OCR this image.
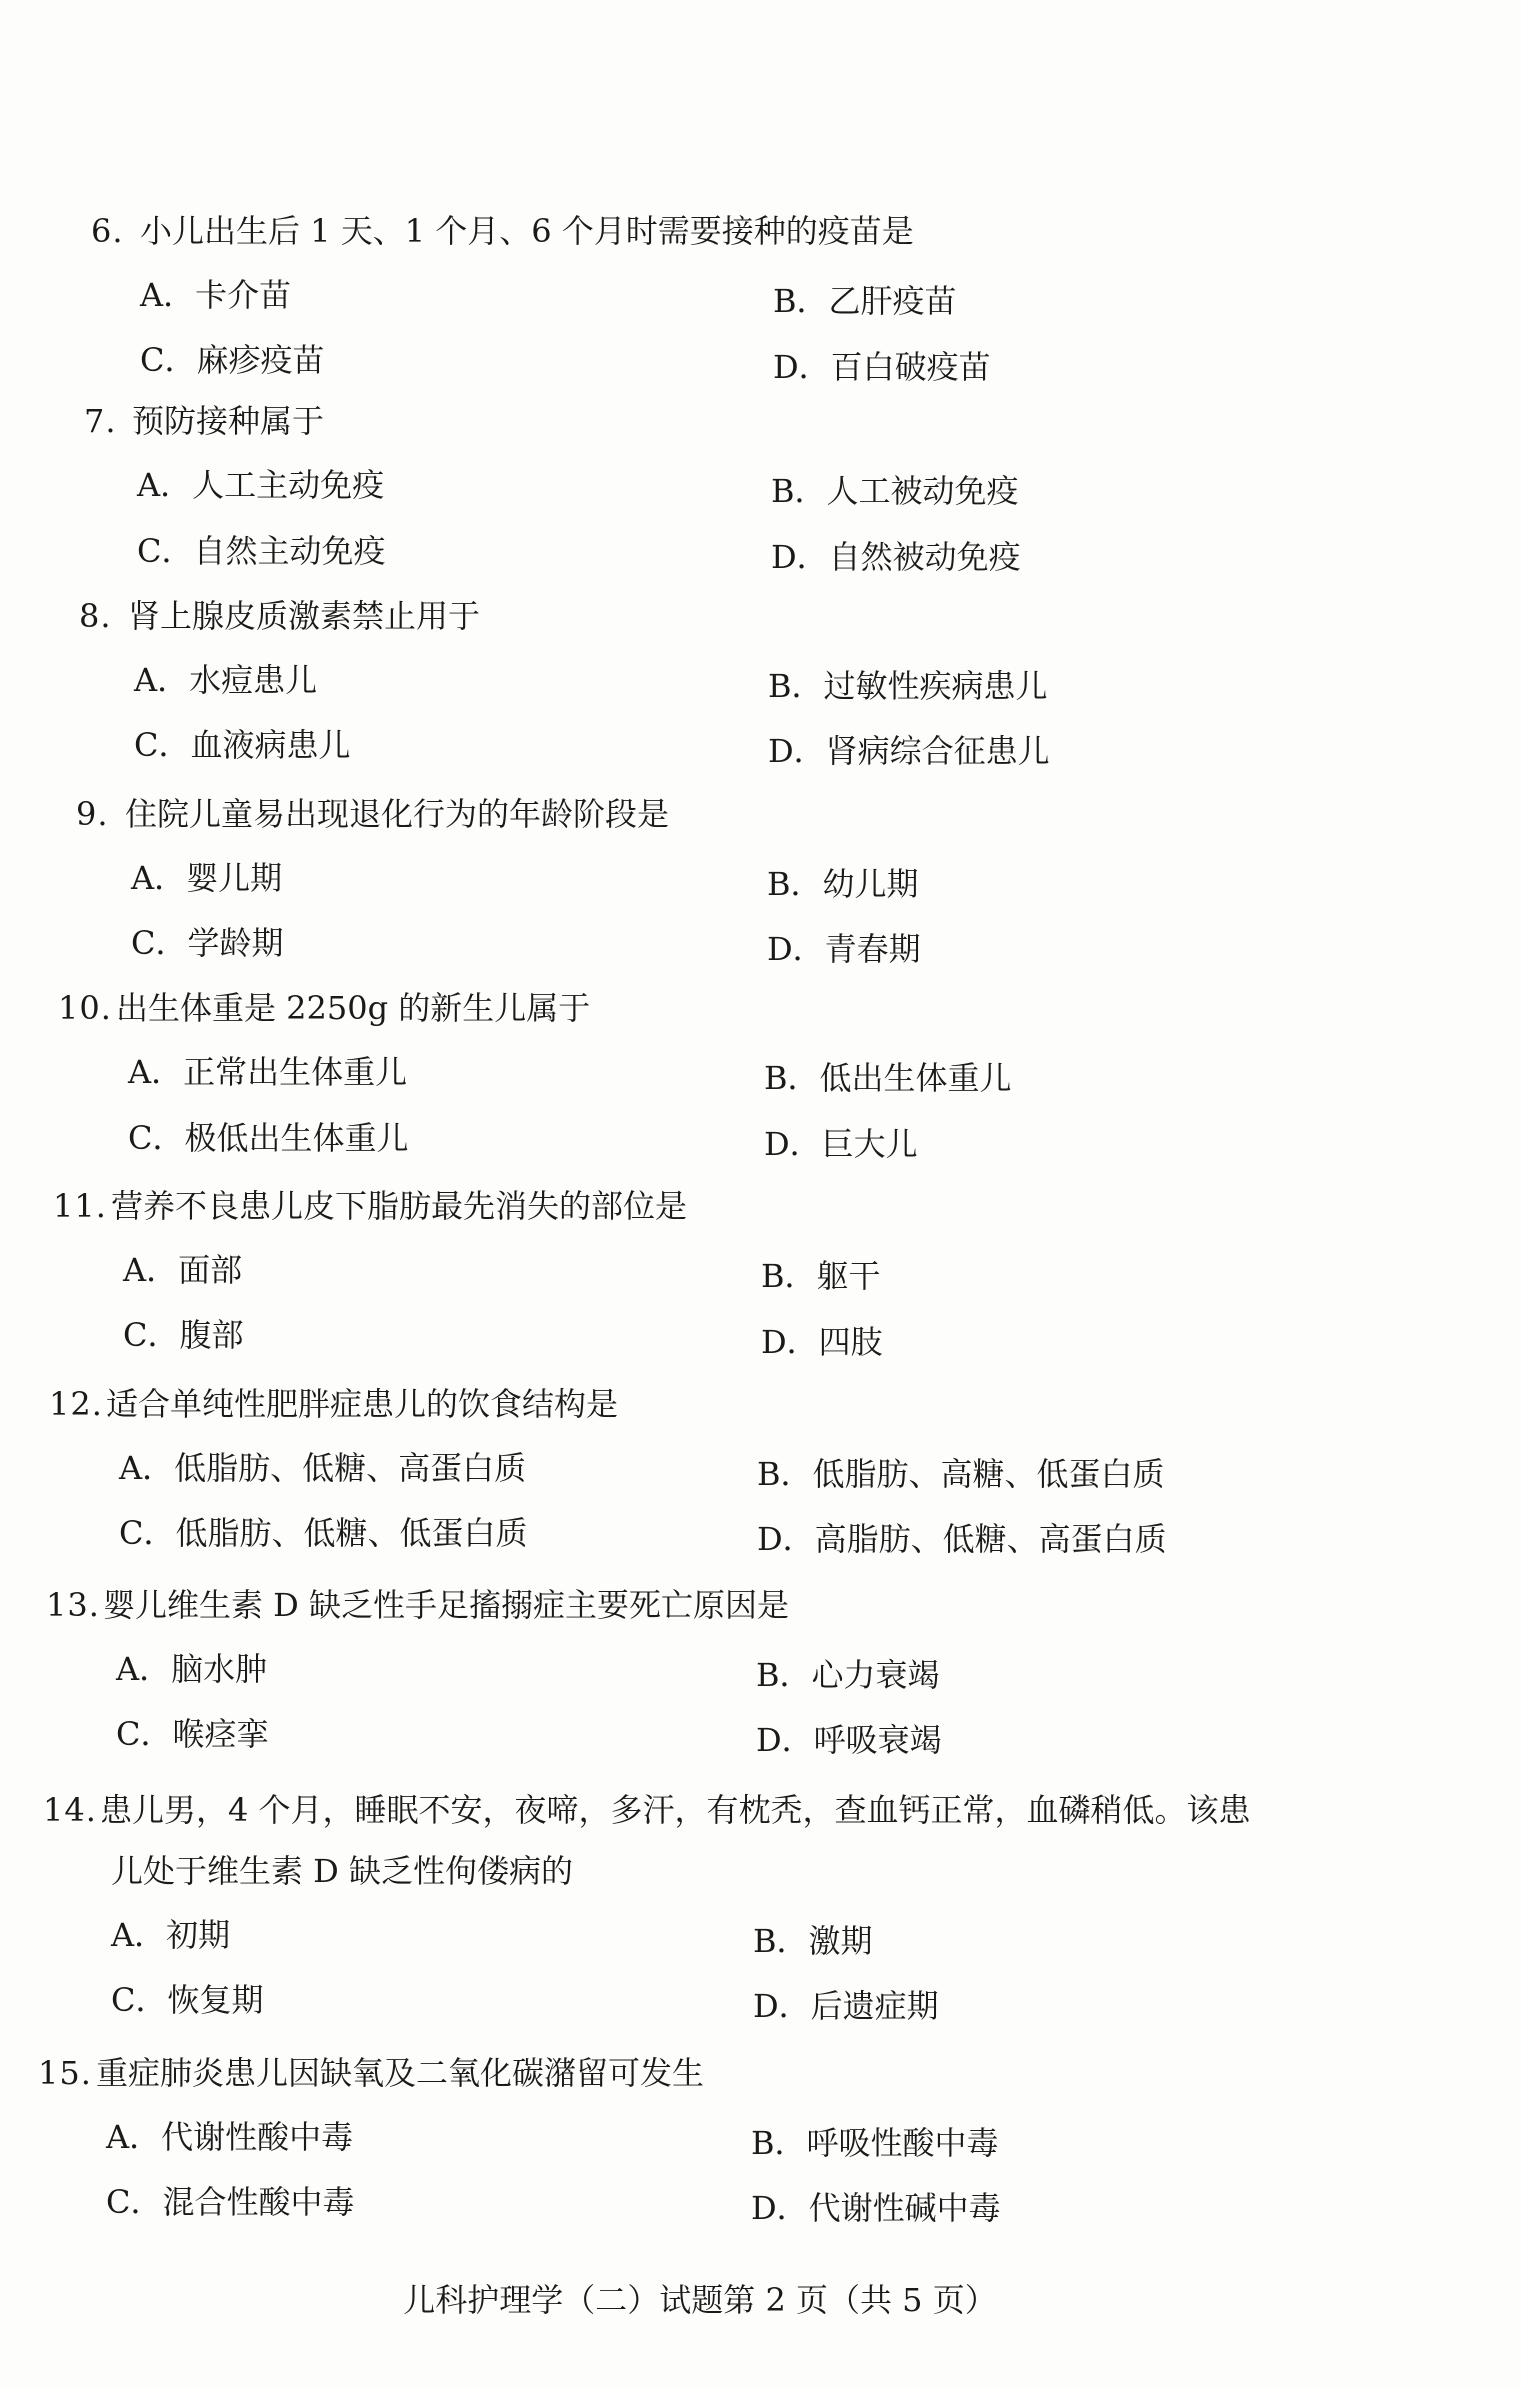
6. 小儿出生后 1 天、1 个月、6 个月时需要接种的疫苗是
A．卡介苗	B．乙肝疫苗
C．麻疹疫苗	D．百白破疫苗
7. 预防接种属于
A．人工主动免疫	B．人工被动免疫
C．自然主动免疫	D．自然被动免疫
8. 肾上腺皮质激素禁止用于
A．水痘患儿	B．过敏性疾病患儿
C．血液病患儿	D．肾病综合征患儿
9. 住院儿童易出现退化行为的年龄阶段是
A．婴儿期	B．幼儿期
C．学龄期	D．青春期
10. 出生体重是 2250g 的新生儿属于
A．正常出生体重儿	B．低出生体重儿
C．极低出生体重儿	D．巨大儿
11. 营养不良患儿皮下脂肪最先消失的部位是
A．面部	B．躯干
C．腹部	D．四肢
12. 适合单纯性肥胖症患儿的饮食结构是
A．低脂肪、低糖、高蛋白质	B．低脂肪、高糖、低蛋白质
C．低脂肪、低糖、低蛋白质	D．高脂肪、低糖、高蛋白质
13. 婴儿维生素 D 缺乏性手足搐搦症主要死亡原因是
A．脑水肿	B．心力衰竭
C．喉痉挛	D．呼吸衰竭
14. 患儿男，4 个月，睡眠不安，夜啼，多汗，有枕秃，查血钙正常，血磷稍低。该患
儿处于维生素 D 缺乏性佝偻病的
A．初期	B．激期
C．恢复期	D．后遗症期
15. 重症肺炎患儿因缺氧及二氧化碳潴留可发生
A．代谢性酸中毒	B．呼吸性酸中毒
C．混合性酸中毒	D．代谢性碱中毒
儿科护理学（二）试题第 2 页（共 5 页）
